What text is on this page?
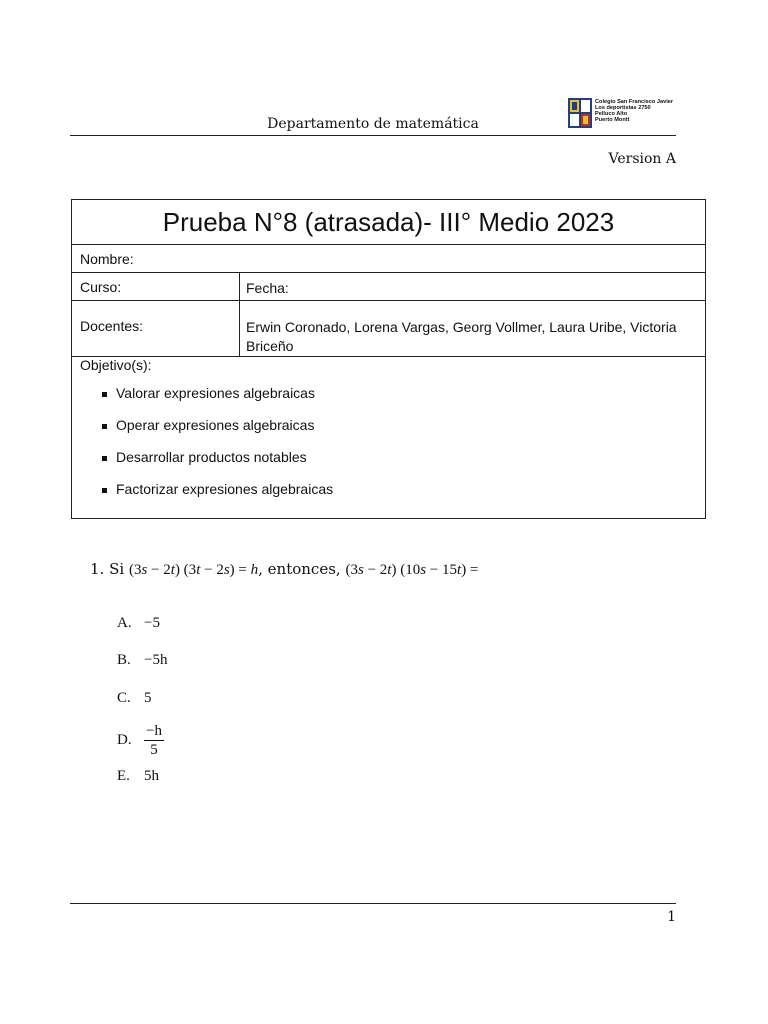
Departamento de matemática
Colegio San Francisco Javier
Los deportistas 2750
Pelluco Alto
Puerto Montt
Version A
Prueba N°8 (atrasada)- III° Medio 2023
Nombre:
Curso:	Fecha:
Docentes:	Erwin Coronado, Lorena Vargas, Georg Vollmer, Laura Uribe, Victoria Briceño
Objetivo(s):
Valorar expresiones algebraicas
Operar expresiones algebraicas
Desarrollar productos notables
Factorizar expresiones algebraicas
1. Si (3s − 2t) (3t − 2s) = h, entonces, (3s − 2t) (10s − 15t) =
A. −5
B. −5h
C. 5
D. $\frac{-h}{5}$
E. 5h
1
